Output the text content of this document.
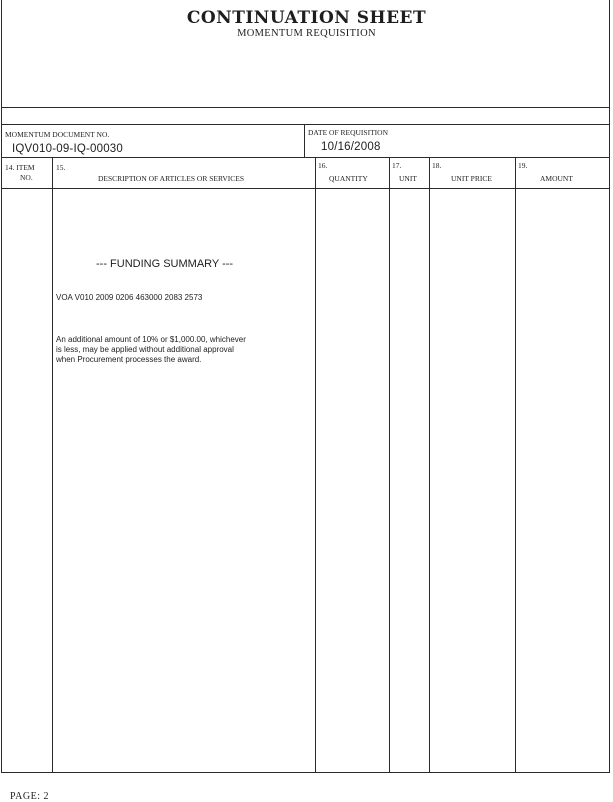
CONTINUATION SHEET
MOMENTUM REQUISITION
MOMENTUM DOCUMENT NO.
IQV010-09-IQ-00030
DATE OF REQUISITION
10/16/2008
14. ITEM
NO.
15.
DESCRIPTION OF ARTICLES OR SERVICES
16.
QUANTITY
17.
UNIT
18.
UNIT PRICE
19.
AMOUNT
--- FUNDING SUMMARY ---
VOA V010 2009 0206 463000 2083 2573
An additional amount of 10% or $1,000.00, whichever
is less, may be applied without additional approval
when Procurement processes the award.
PAGE: 2
